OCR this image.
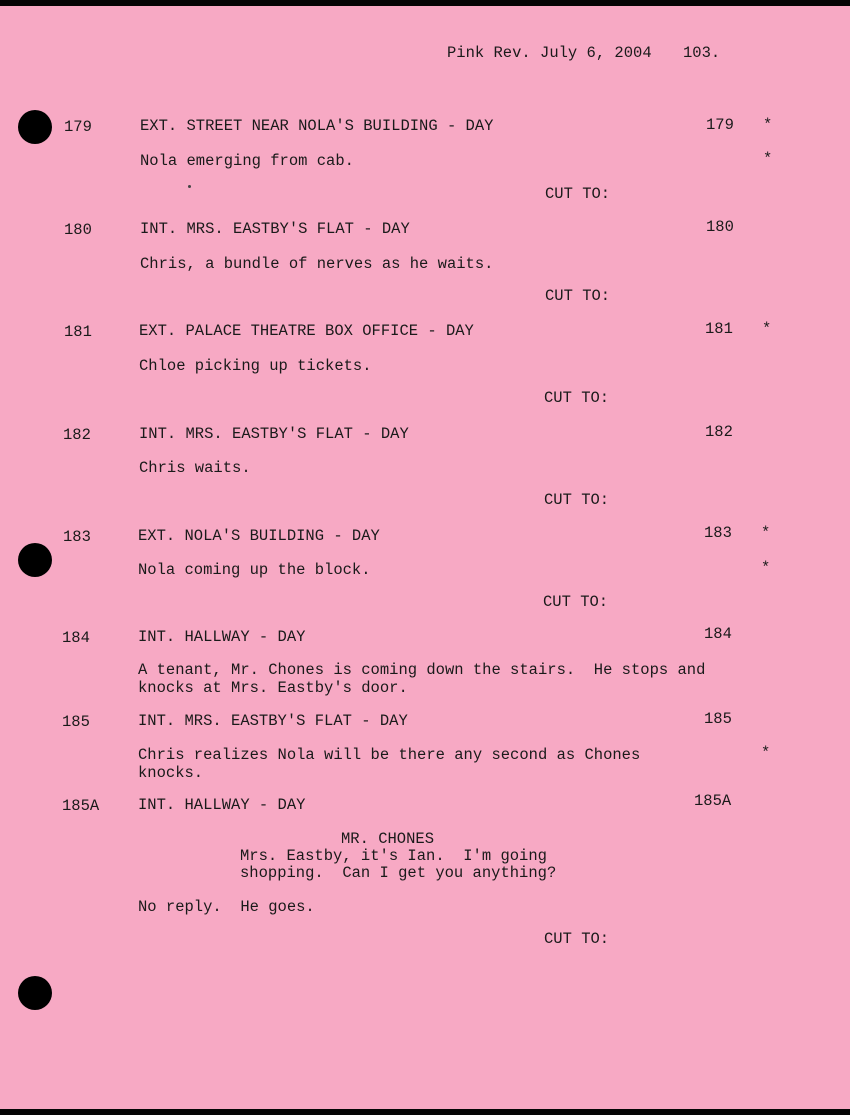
Pink Rev. July 6, 2004 103.
179	EXT. STREET NEAR NOLA'S BUILDING - DAY	179 *
Nola emerging from cab.	*
CUT TO:
180	INT. MRS. EASTBY'S FLAT - DAY	180
Chris, a bundle of nerves as he waits.
CUT TO:
181	EXT. PALACE THEATRE BOX OFFICE - DAY	181 *
Chloe picking up tickets.
CUT TO:
182	INT. MRS. EASTBY'S FLAT - DAY	182
Chris waits.
CUT TO:
183	EXT. NOLA'S BUILDING - DAY	183 *
Nola coming up the block.	*
CUT TO:
184	INT. HALLWAY - DAY	184
A tenant, Mr. Chones is coming down the stairs.  He stops and
knocks at Mrs. Eastby's door.
185	INT. MRS. EASTBY'S FLAT - DAY	185
Chris realizes Nola will be there any second as Chones
knocks.
*
185A	INT. HALLWAY - DAY	185A
MR. CHONES
Mrs. Eastby, it's Ian.  I'm going
shopping.  Can I get you anything?
No reply.  He goes.
CUT TO:
